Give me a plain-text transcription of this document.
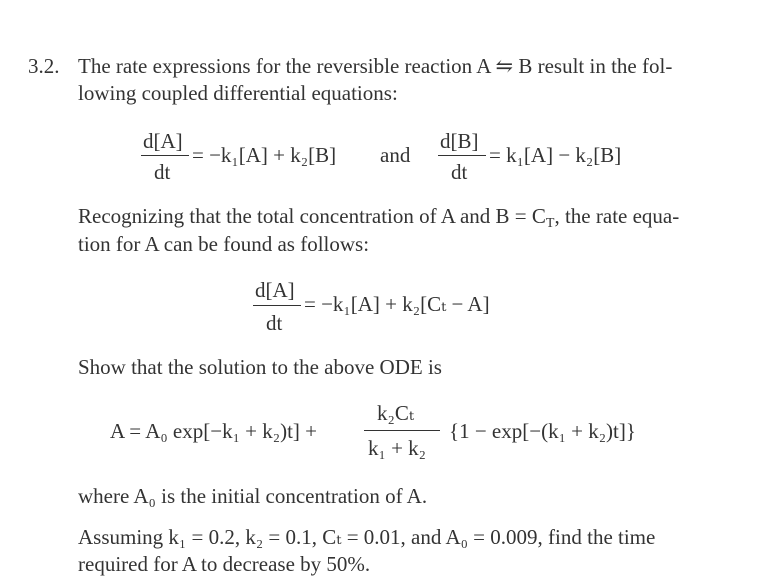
3.2. The rate expressions for the reversible reaction A ⇋ B result in the fol-
lowing coupled differential equations:
d[A]
dt
= −k₁[A] + k₂[B] and
d[B]
dt
= k₁[A] − k₂[B]
Recognizing that the total concentration of A and $B = C_T$, the rate equa-
tion for A can be found as follows:
d[A]
dt
= −k₁[A] + k₂[Cₜ − A]
Show that the solution to the above ODE is
A = A₀ exp[−k₁ + k₂)t] +
k₂Cₜ
k₁ + k₂
{1 − exp[−(k₁ + k₂)t]}
where A₀ is the initial concentration of A.
Assuming k₁ = 0.2, k₂ = 0.1, Cₜ = 0.01, and A₀ = 0.009, find the time
required for A to decrease by 50%.
